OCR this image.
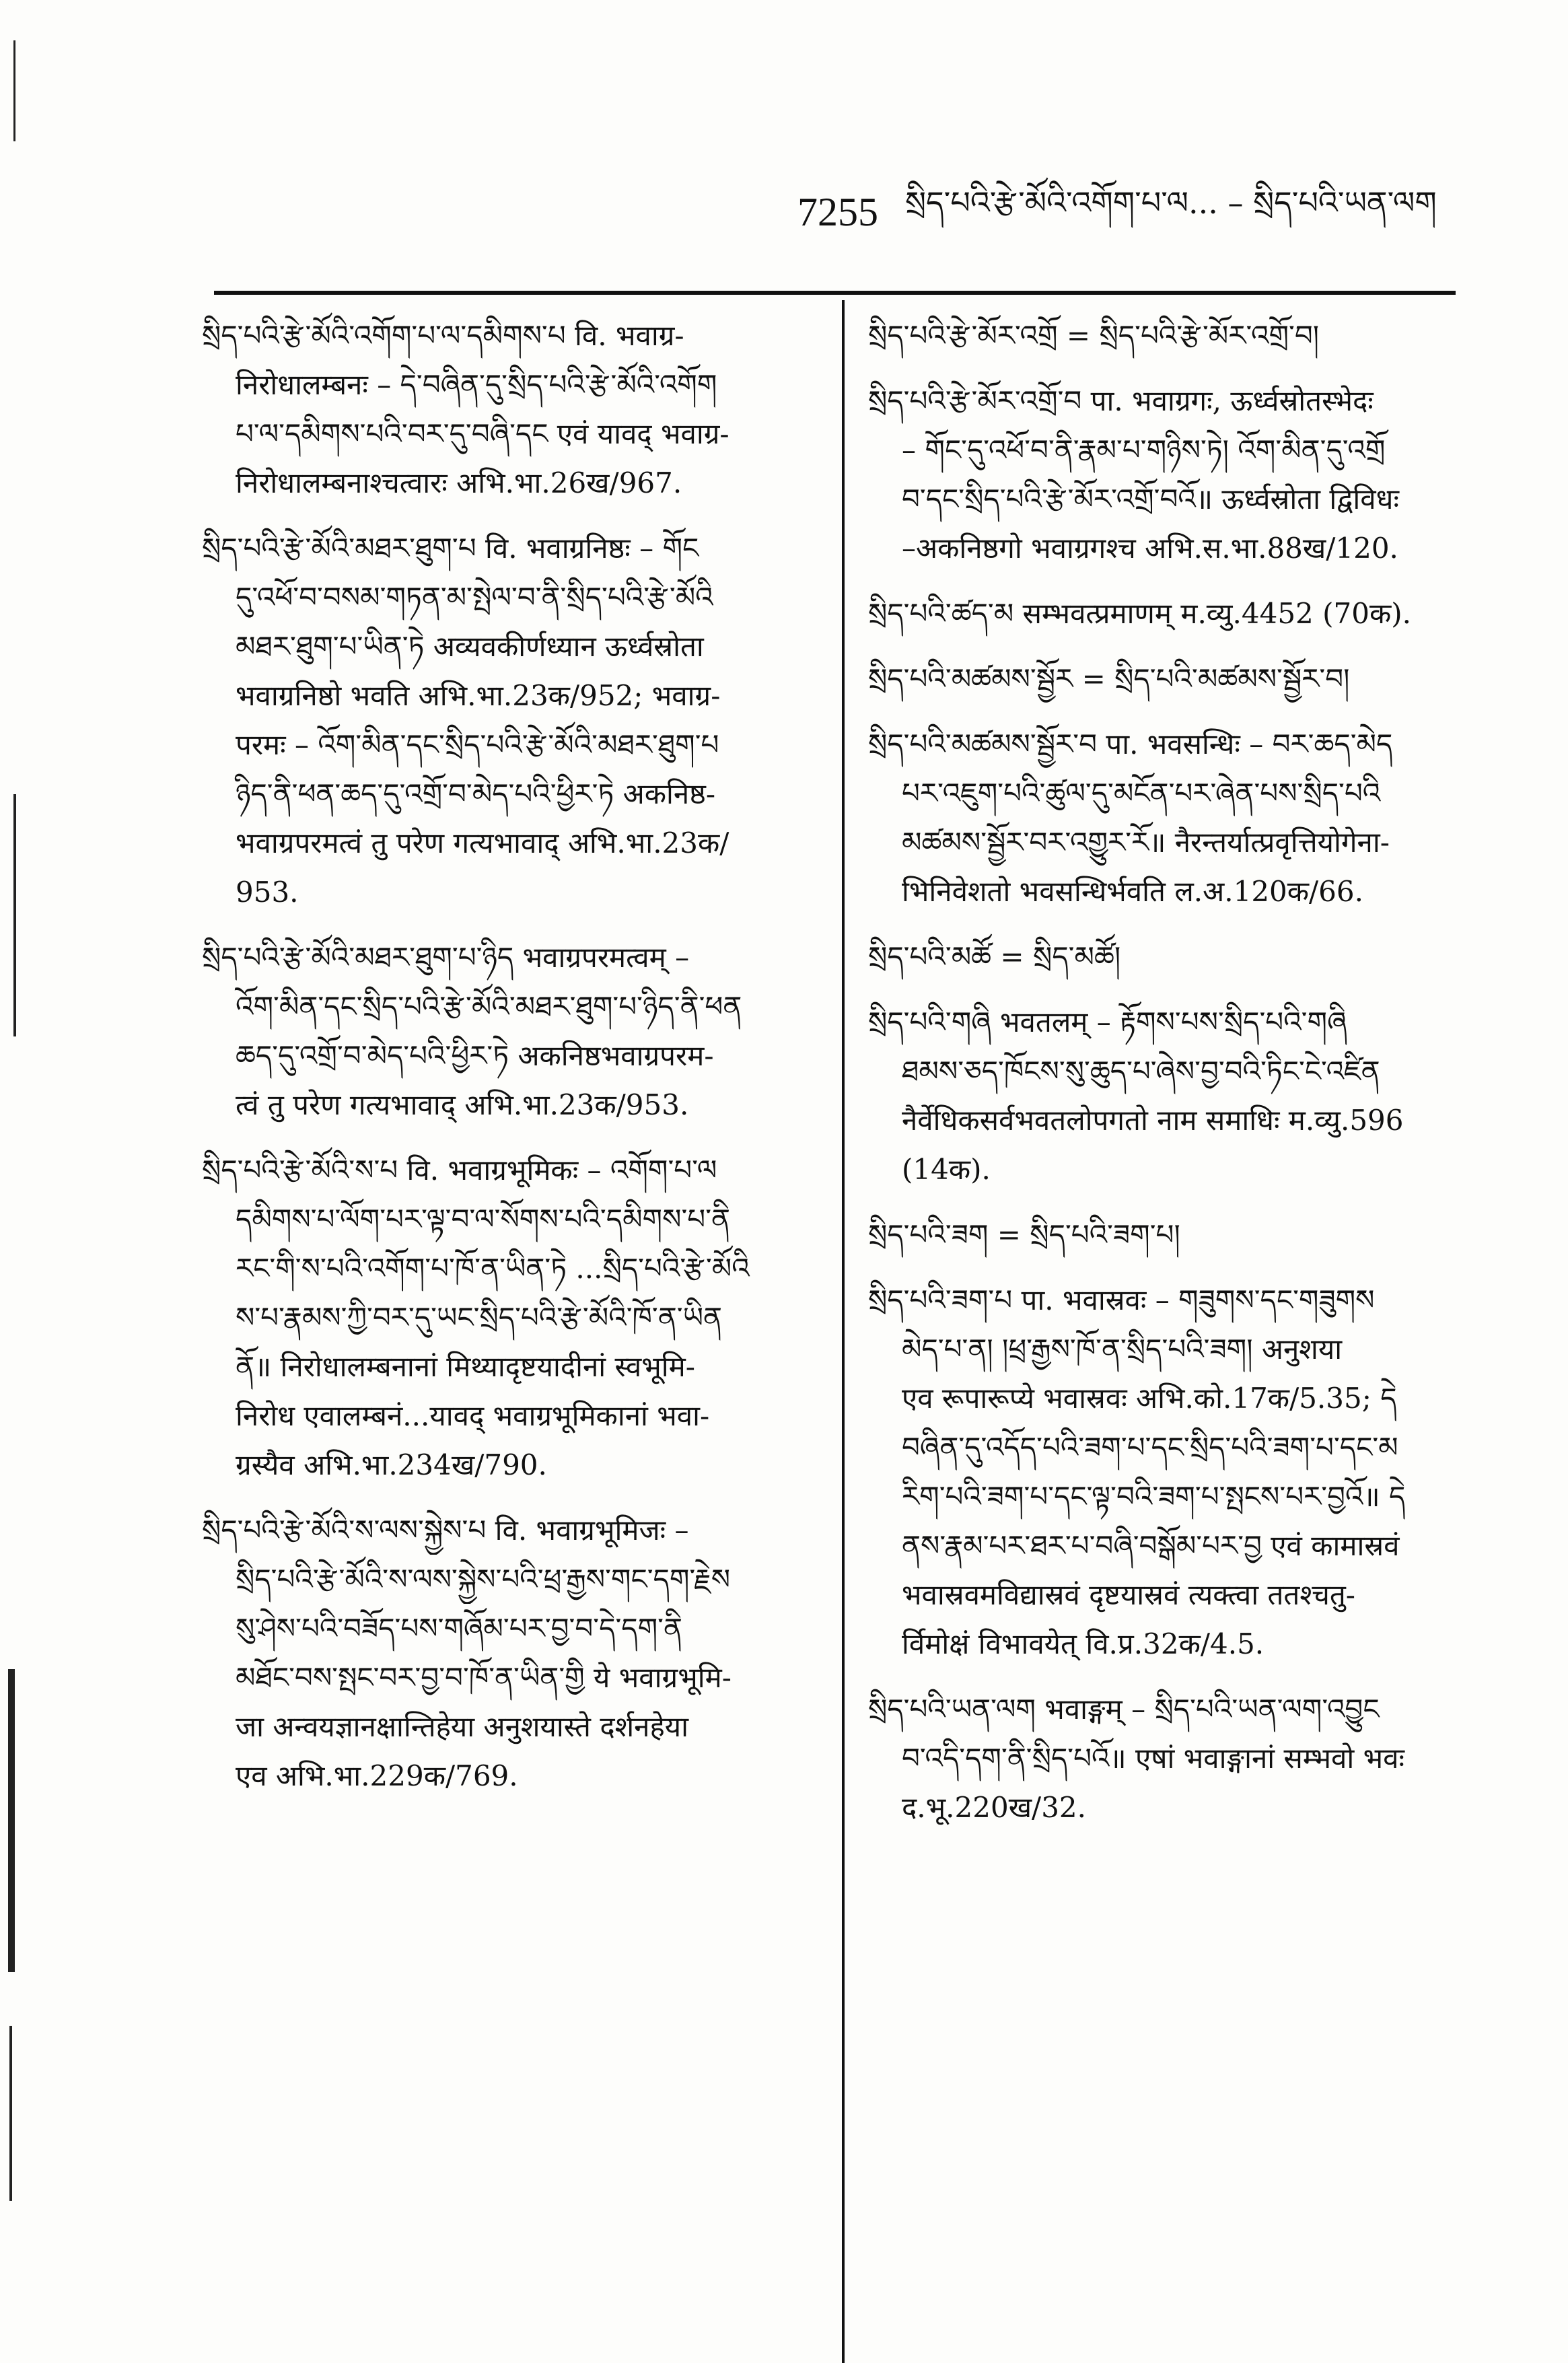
7255 སྲིད་པའི་རྩེ་མོའི་འགོག་པ་ལ... – སྲིད་པའི་ཡན་ལག
སྲིད་པའི་རྩེ་མོའི་འགོག་པ་ལ་དམིགས་པ वि. भवाग्र-
निरोधालम्बनः – དེ་བཞིན་དུ་སྲིད་པའི་རྩེ་མོའི་འགོག
པ་ལ་དམིགས་པའི་བར་དུ་བཞི་དང एवं यावद् भवाग्र-
निरोधालम्बनाश्चत्वारः अभि.भा.26ख/967.
སྲིད་པའི་རྩེ་མོའི་མཐར་ཐུག་པ वि. भवाग्रनिष्ठः – གོང
དུ་འཕོ་བ་བསམ་གཏན་མ་སྤེལ་བ་ནི་སྲིད་པའི་རྩེ་མོའི
མཐར་ཐུག་པ་ཡིན་ཏེ अव्यवकीर्णध्यान ऊर्ध्वस्रोता
भवाग्रनिष्ठो भवति अभि.भा.23क/952; भवाग्र-
परमः – འོག་མིན་དང་སྲིད་པའི་རྩེ་མོའི་མཐར་ཐུག་པ
ཉིད་ནི་ཕན་ཆད་དུ་འགྲོ་བ་མེད་པའི་ཕྱིར་ཏེ अकनिष्ठ-
भवाग्रपरमत्वं तु परेण गत्यभावाद् अभि.भा.23क/
953.
སྲིད་པའི་རྩེ་མོའི་མཐར་ཐུག་པ་ཉིད भवाग्रपरमत्वम् –
འོག་མིན་དང་སྲིད་པའི་རྩེ་མོའི་མཐར་ཐུག་པ་ཉིད་ནི་ཕན
ཆད་དུ་འགྲོ་བ་མེད་པའི་ཕྱིར་ཏེ अकनिष्ठभवाग्रपरम-
त्वं तु परेण गत्यभावाद् अभि.भा.23क/953.
སྲིད་པའི་རྩེ་མོའི་ས་པ वि. भवाग्रभूमिकः – འགོག་པ་ལ
དམིགས་པ་ལོག་པར་ལྟ་བ་ལ་སོགས་པའི་དམིགས་པ་ནི
རང་གི་ས་པའི་འགོག་པ་ཁོ་ན་ཡིན་ཏེ ...སྲིད་པའི་རྩེ་མོའི
ས་པ་རྣམས་ཀྱི་བར་དུ་ཡང་སྲིད་པའི་རྩེ་མོའི་ཁོ་ན་ཡིན
ནོ॥ निरोधालम्बनानां मिथ्यादृष्टयादीनां स्वभूमि-
निरोध एवालम्बनं...यावद् भवाग्रभूमिकानां भवा-
ग्रस्यैव अभि.भा.234ख/790.
སྲིད་པའི་རྩེ་མོའི་ས་ལས་སྐྱེས་པ वि. भवाग्रभूमिजः –
སྲིད་པའི་རྩེ་མོའི་ས་ལས་སྐྱེས་པའི་ཕྲ་རྒྱས་གང་དག་རྗེས
སུ་ཤེས་པའི་བཟོད་པས་གཞོམ་པར་བྱ་བ་དེ་དག་ནི
མཐོང་བས་སྤང་བར་བྱ་བ་ཁོ་ན་ཡིན་གྱི ये भवाग्रभूमि-
जा अन्वयज्ञानक्षान्तिहेया अनुशयास्ते दर्शनहेया
एव अभि.भा.229क/769.
སྲིད་པའི་རྩེ་མོར་འགྲོ = སྲིད་པའི་རྩེ་མོར་འགྲོ་བ།
སྲིད་པའི་རྩེ་མོར་འགྲོ་བ पा. भवाग्रगः, ऊर्ध्वस्रोतस्भेदः
– གོང་དུ་འཕོ་བ་ནི་རྣམ་པ་གཉིས་ཏེ། འོག་མིན་དུ་འགྲོ
བ་དང་སྲིད་པའི་རྩེ་མོར་འགྲོ་བའོ॥ ऊर्ध्वस्रोता द्विविधः
–अकनिष्ठगो भवाग्रगश्च अभि.स.भा.88ख/120.
སྲིད་པའི་ཚད་མ सम्भवत्प्रमाणम् म.व्यु.4452 (70क).
སྲིད་པའི་མཚམས་སྦྱོར = སྲིད་པའི་མཚམས་སྦྱོར་བ།
སྲིད་པའི་མཚམས་སྦྱོར་བ पा. भवसन्धिः – བར་ཆད་མེད
པར་འཇུག་པའི་ཚུལ་དུ་མངོན་པར་ཞེན་པས་སྲིད་པའི
མཚམས་སྦྱོར་བར་འགྱུར་རོ॥ नैरन्तर्यात्प्रवृत्तियोगेना-
भिनिवेशतो भवसन्धिर्भवति ल.अ.120क/66.
སྲིད་པའི་མཚོ = སྲིད་མཚོ།
སྲིད་པའི་གཞི भवतलम् – རྟོགས་པས་སྲིད་པའི་གཞི
ཐམས་ཅད་ཁོངས་སུ་ཆུད་པ་ཞེས་བྱ་བའི་ཏིང་ངེ་འཛིན
नैर्वेधिकसर्वभवतलोपगतो नाम समाधिः म.व्यु.596
(14क).
སྲིད་པའི་ཟག = སྲིད་པའི་ཟག་པ།
སྲིད་པའི་ཟག་པ पा. भवास्रवः – གཟུགས་དང་གཟུགས
མེད་པ་ན། །ཕྲ་རྒྱས་ཁོ་ན་སྲིད་པའི་ཟག། अनुशया
एव रूपारूप्ये भवास्रवः अभि.को.17क/5.35; དེ
བཞིན་དུ་འདོད་པའི་ཟག་པ་དང་སྲིད་པའི་ཟག་པ་དང་མ
རིག་པའི་ཟག་པ་དང་ལྟ་བའི་ཟག་པ་སྤངས་པར་བྱའོ॥ དེ
ནས་རྣམ་པར་ཐར་པ་བཞི་བསྒོམ་པར་བྱ एवं कामास्रवं
भवास्रवमविद्यास्रवं दृष्टयास्रवं त्यक्त्वा ततश्चतु-
र्विमोक्षं विभावयेत् वि.प्र.32क/4.5.
སྲིད་པའི་ཡན་ལག भवाङ्गम् – སྲིད་པའི་ཡན་ལག་འབྱུང
བ་འདི་དག་ནི་སྲིད་པའོ॥ एषां भवाङ्गानां सम्भवो भवः
द.भू.220ख/32.
